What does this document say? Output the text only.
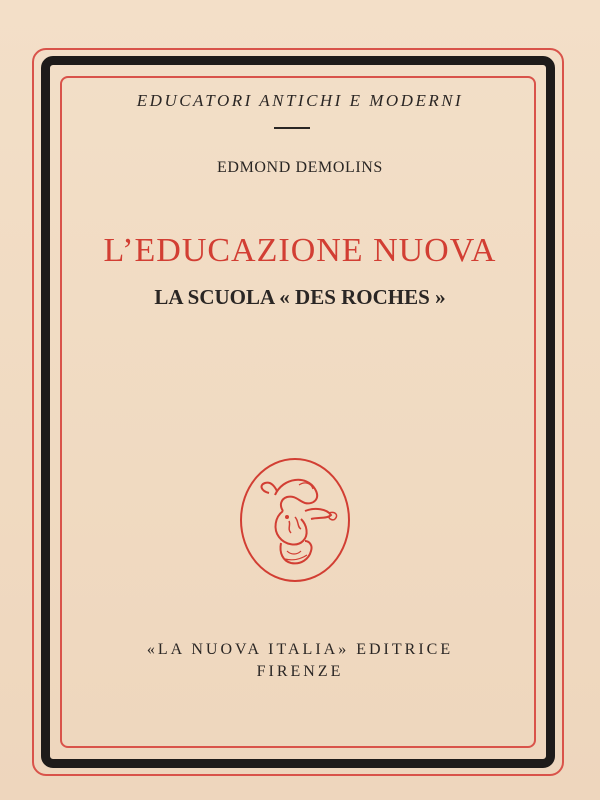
EDUCATORI ANTICHI E MODERNI
EDMOND DEMOLINS
L’EDUCAZIONE NUOVA
LA SCUOLA « DES ROCHES »
«LA NUOVA ITALIA» EDITRICE
FIRENZE
